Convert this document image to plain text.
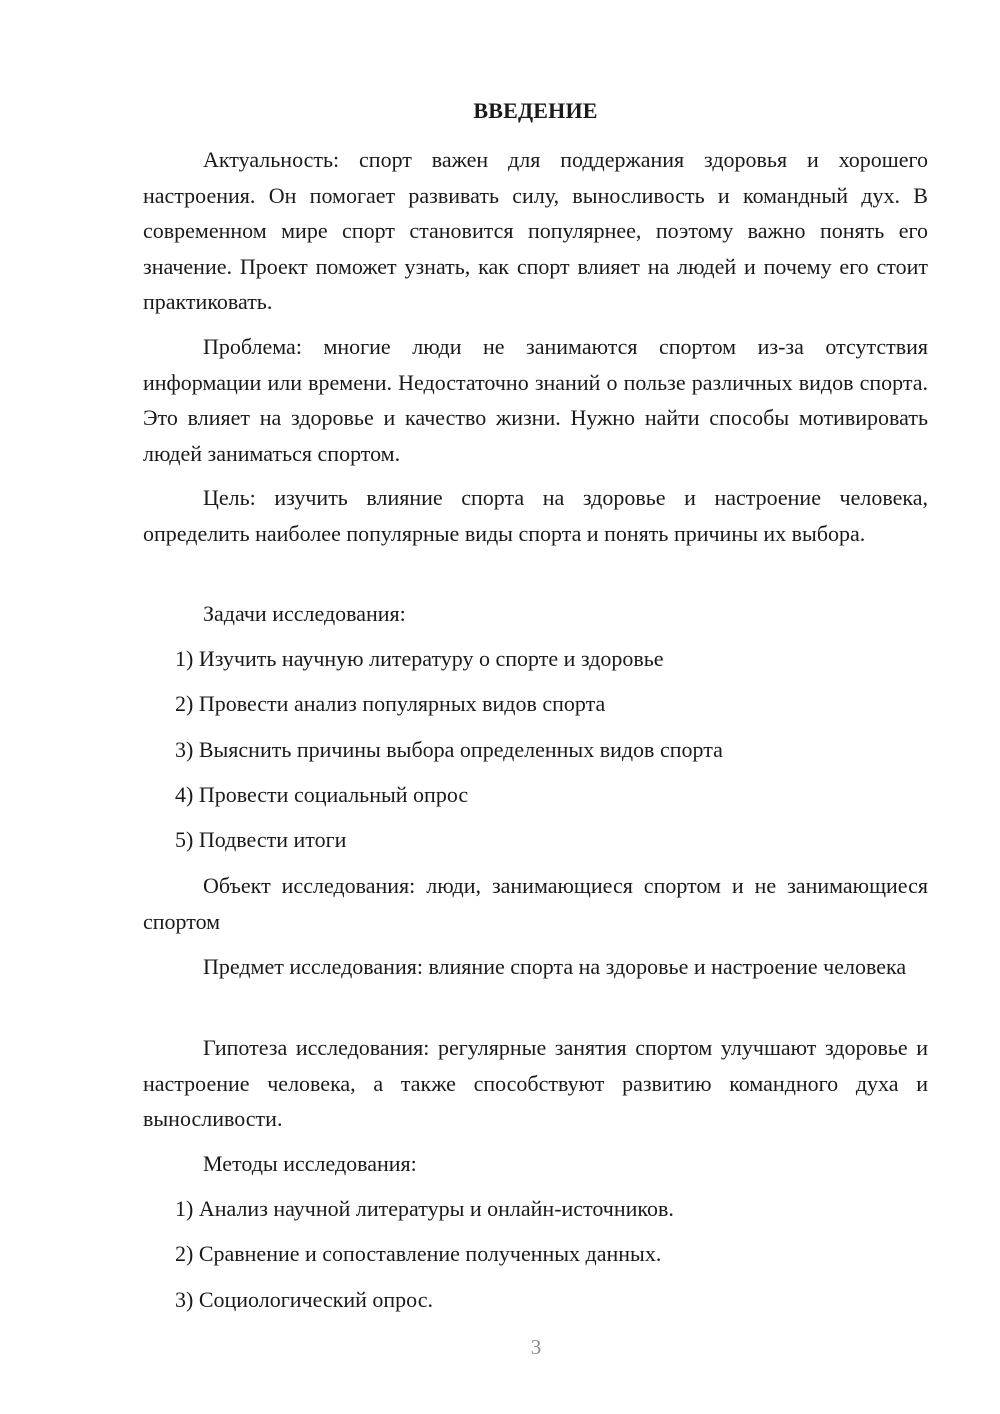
ВВЕДЕНИЕ

Актуальность: спорт важен для поддержания здоровья и хорошего настроения. Он помогает развивать силу, выносливость и командный дух. В современном мире спорт становится популярнее, поэтому важно понять его значение. Проект поможет узнать, как спорт влияет на людей и почему его стоит практиковать.

Проблема: многие люди не занимаются спортом из-за отсутствия информации или времени. Недостаточно знаний о пользе различных видов спорта. Это влияет на здоровье и качество жизни. Нужно найти способы мотивировать людей заниматься спортом.

Цель: изучить влияние спорта на здоровье и настроение человека, определить наиболее популярные виды спорта и понять причины их выбора.

Задачи исследования:
1) Изучить научную литературу о спорте и здоровье
2) Провести анализ популярных видов спорта
3) Выяснить причины выбора определенных видов спорта
4) Провести социальный опрос
5) Подвести итоги

Объект исследования: люди, занимающиеся спортом и не занимающиеся спортом

Предмет исследования: влияние спорта на здоровье и настроение человека

Гипотеза исследования: регулярные занятия спортом улучшают здоровье и настроение человека, а также способствуют развитию командного духа и выносливости.

Методы исследования:
1) Анализ научной литературы и онлайн-источников.
2) Сравнение и сопоставление полученных данных.
3) Социологический опрос.
3
